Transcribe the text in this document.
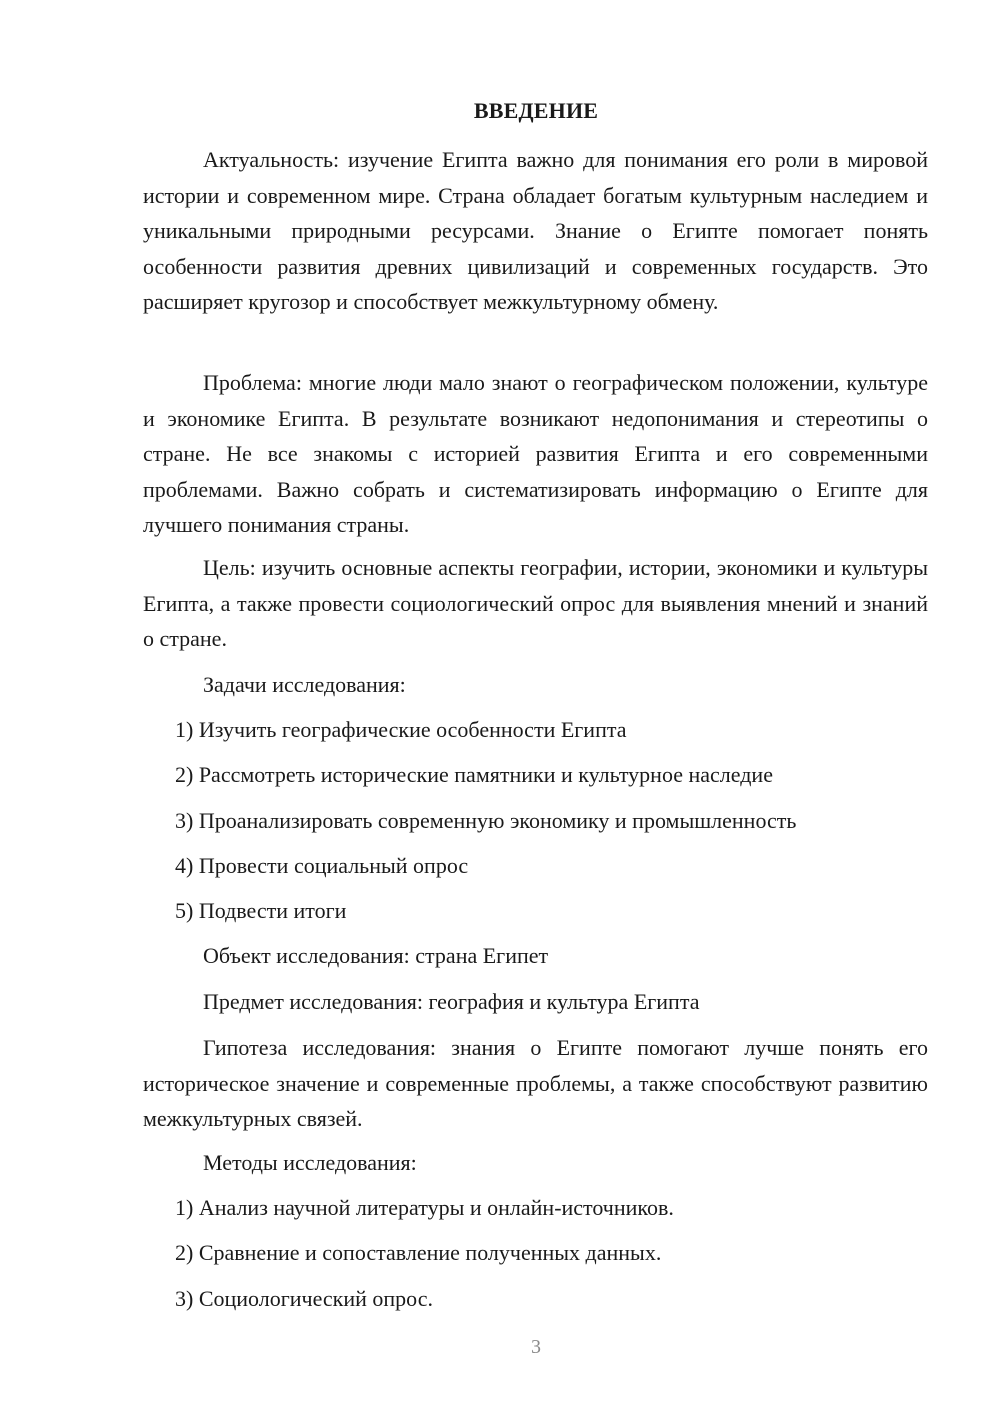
ВВЕДЕНИЕ

Актуальность: изучение Египта важно для понимания его роли в мировой истории и современном мире. Страна обладает богатым культурным наследием и уникальными природными ресурсами. Знание о Египте помогает понять особенности развития древних цивилизаций и современных государств. Это расширяет кругозор и способствует межкультурному обмену.

Проблема: многие люди мало знают о географическом положении, культуре и экономике Египта. В результате возникают недопонимания и стереотипы о стране. Не все знакомы с историей развития Египта и его современными проблемами. Важно собрать и систематизировать информацию о Египте для лучшего понимания страны.

Цель: изучить основные аспекты географии, истории, экономики и культуры Египта, а также провести социологический опрос для выявления мнений и знаний о стране.

Задачи исследования:

1) Изучить географические особенности Египта

2) Рассмотреть исторические памятники и культурное наследие

3) Проанализировать современную экономику и промышленность

4) Провести социальный опрос

5) Подвести итоги

Объект исследования: страна Египет

Предмет исследования: география и культура Египта

Гипотеза исследования: знания о Египте помогают лучше понять его историческое значение и современные проблемы, а также способствуют развитию межкультурных связей.

Методы исследования:

1) Анализ научной литературы и онлайн-источников.

2) Сравнение и сопоставление полученных данных.

3) Социологический опрос.

3
